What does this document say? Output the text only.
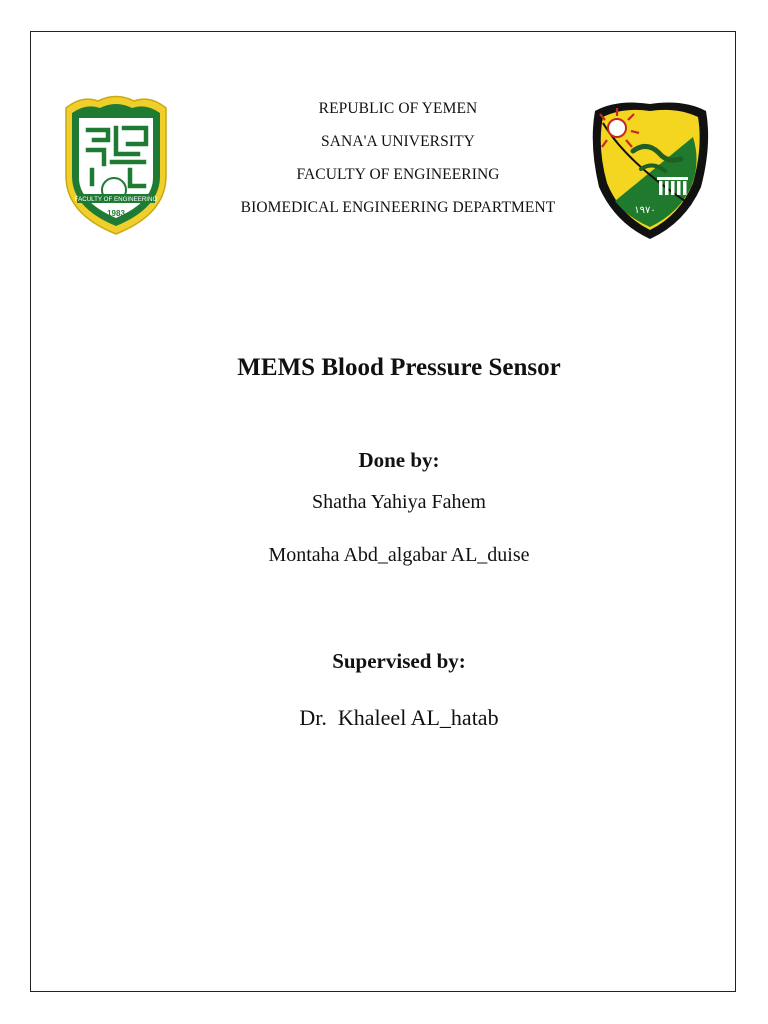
FACULTY OF ENGINEERING
1983
REPUBLIC OF YEMEN
SANA'A UNIVERSITY
FACULTY OF ENGINEERING
BIOMEDICAL ENGINEERING DEPARTMENT	١٩٧٠
MEMS Blood Pressure Sensor
Done by:
Shatha Yahiya Fahem
Montaha Abd_algabar AL_duise
Supervised by:
Dr.  Khaleel AL_hatab
